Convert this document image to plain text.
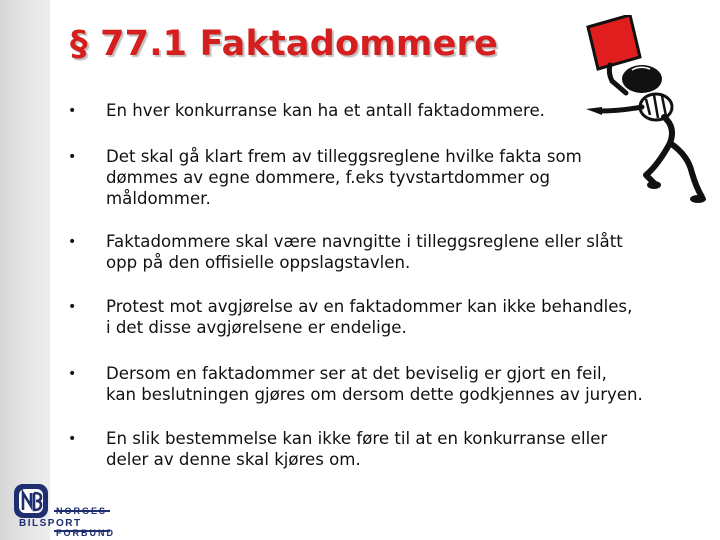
§ 77.1 Faktadommere
•	En hver konkurranse kan ha et antall faktadommere.
•	Det skal gå klart frem av tilleggsreglene hvilke fakta som
dømmes av egne dommere, f.eks tyvstartdommer og
måldommer.
•	Faktadommere skal være navngitte i tilleggsreglene eller slått
opp på den offisielle oppslagstavlen.
•	Protest mot avgjørelse av en faktadommer kan ikke behandles,
i det disse avgjørelsene er endelige.
•	Dersom en faktadommer ser at det beviselig er gjort en feil,
kan beslutningen gjøres om dersom dette godkjennes av juryen.
•	En slik bestemmelse kan ikke føre til at en konkurranse eller
deler av denne skal kjøres om.
NORGES
BILSPORT
FORBUND
